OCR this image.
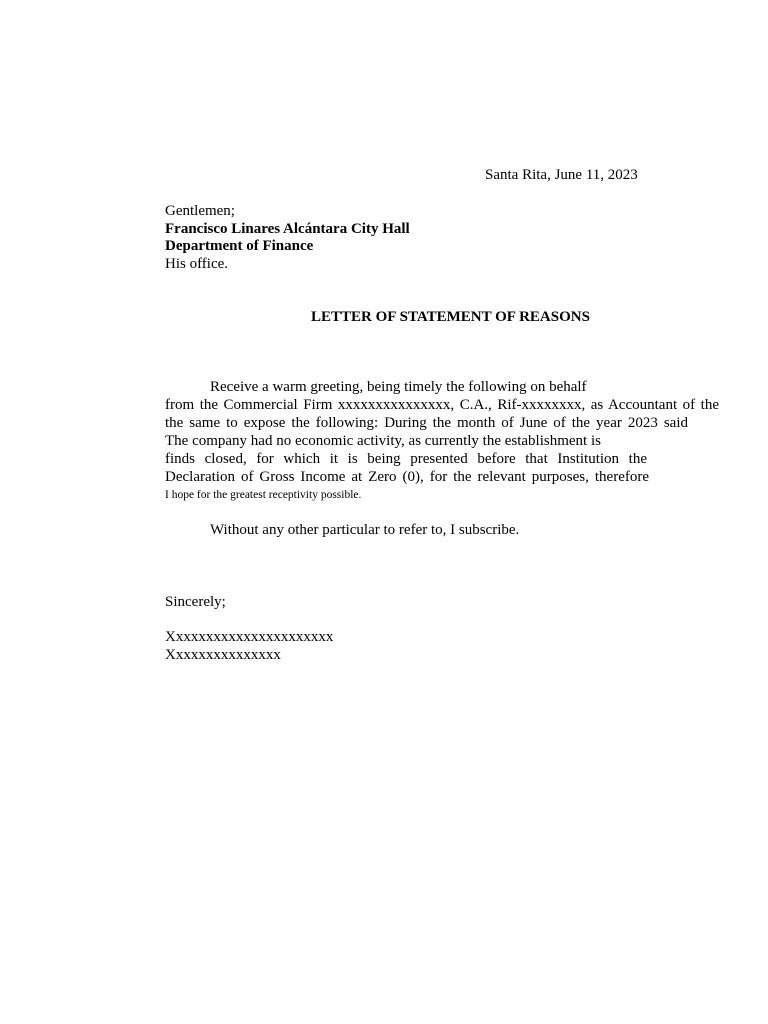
Santa Rita, June 11, 2023
Gentlemen;
Francisco Linares Alcántara City Hall
Department of Finance
His office.
LETTER OF STATEMENT OF REASONS
Receive a warm greeting, being timely the following on behalf
from the Commercial Firm xxxxxxxxxxxxxxx, C.A., Rif-xxxxxxxx, as Accountant of the
the same to expose the following: During the month of June of the year 2023 said
The company had no economic activity, as currently the establishment is
finds closed, for which it is being presented before that Institution the
Declaration of Gross Income at Zero (0), for the relevant purposes, therefore
I hope for the greatest receptivity possible.
Without any other particular to refer to, I subscribe.
Sincerely;
Xxxxxxxxxxxxxxxxxxxxxx
Xxxxxxxxxxxxxxx
